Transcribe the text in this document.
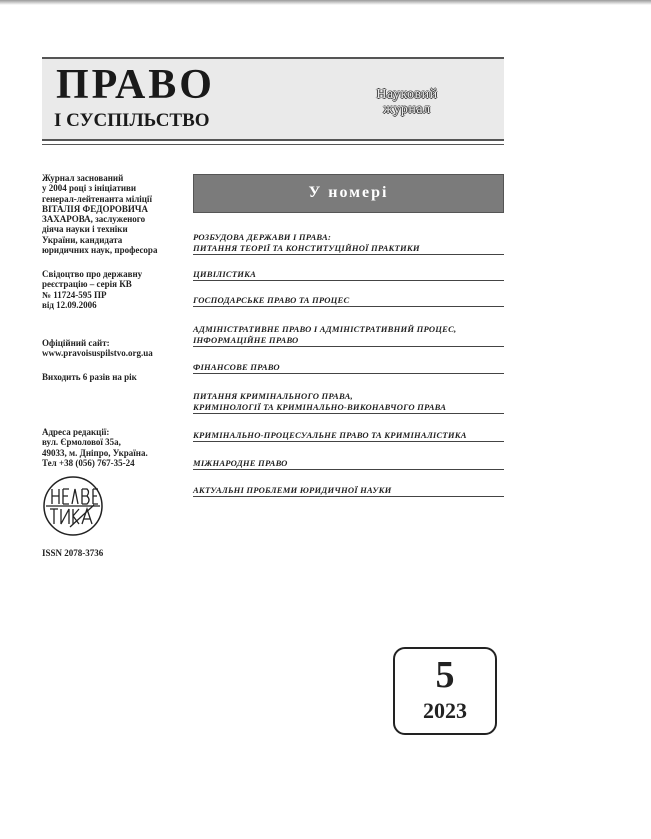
ПРАВО
І СУСПІЛЬСТВО
Науковий
журнал
Журнал заснований
у 2004 році з ініціативи
генерал-лейтенанта міліції
ВІТАЛІЯ ФЕДОРОВИЧА
ЗАХАРОВА, заслуженого
діяча науки і техніки
України, кандидата
юридичних наук, професора
Свідоцтво про державну
реєстрацію – серія КВ
№ 11724-595 ПР
від 12.09.2006
Офіційний сайт:
www.pravoisuspilstvo.org.ua
Виходить 6 разів на рік
Адреса редакції:
вул. Єрмолової 35а,
49033, м. Дніпро, Україна.
Тел +38 (056) 767-35-24
ISSN 2078-3736
У номері
РОЗБУДОВА ДЕРЖАВИ І ПРАВА:
ПИТАННЯ ТЕОРІЇ ТА КОНСТИТУЦІЙНОЇ ПРАКТИКИ
ЦИВІЛІСТИКА
ГОСПОДАРСЬКЕ ПРАВО ТА ПРОЦЕС
АДМІНІСТРАТИВНЕ ПРАВО І АДМІНІСТРАТИВНИЙ ПРОЦЕС,
ІНФОРМАЦІЙНЕ ПРАВО
ФІНАНСОВЕ ПРАВО
ПИТАННЯ КРИМІНАЛЬНОГО ПРАВА,
КРИМІНОЛОГІЇ ТА КРИМІНАЛЬНО-ВИКОНАВЧОГО ПРАВА
КРИМІНАЛЬНО-ПРОЦЕСУАЛЬНЕ ПРАВО ТА КРИМІНАЛІСТИКА
МІЖНАРОДНЕ ПРАВО
АКТУАЛЬНІ ПРОБЛЕМИ ЮРИДИЧНОЇ НАУКИ
5
2023
